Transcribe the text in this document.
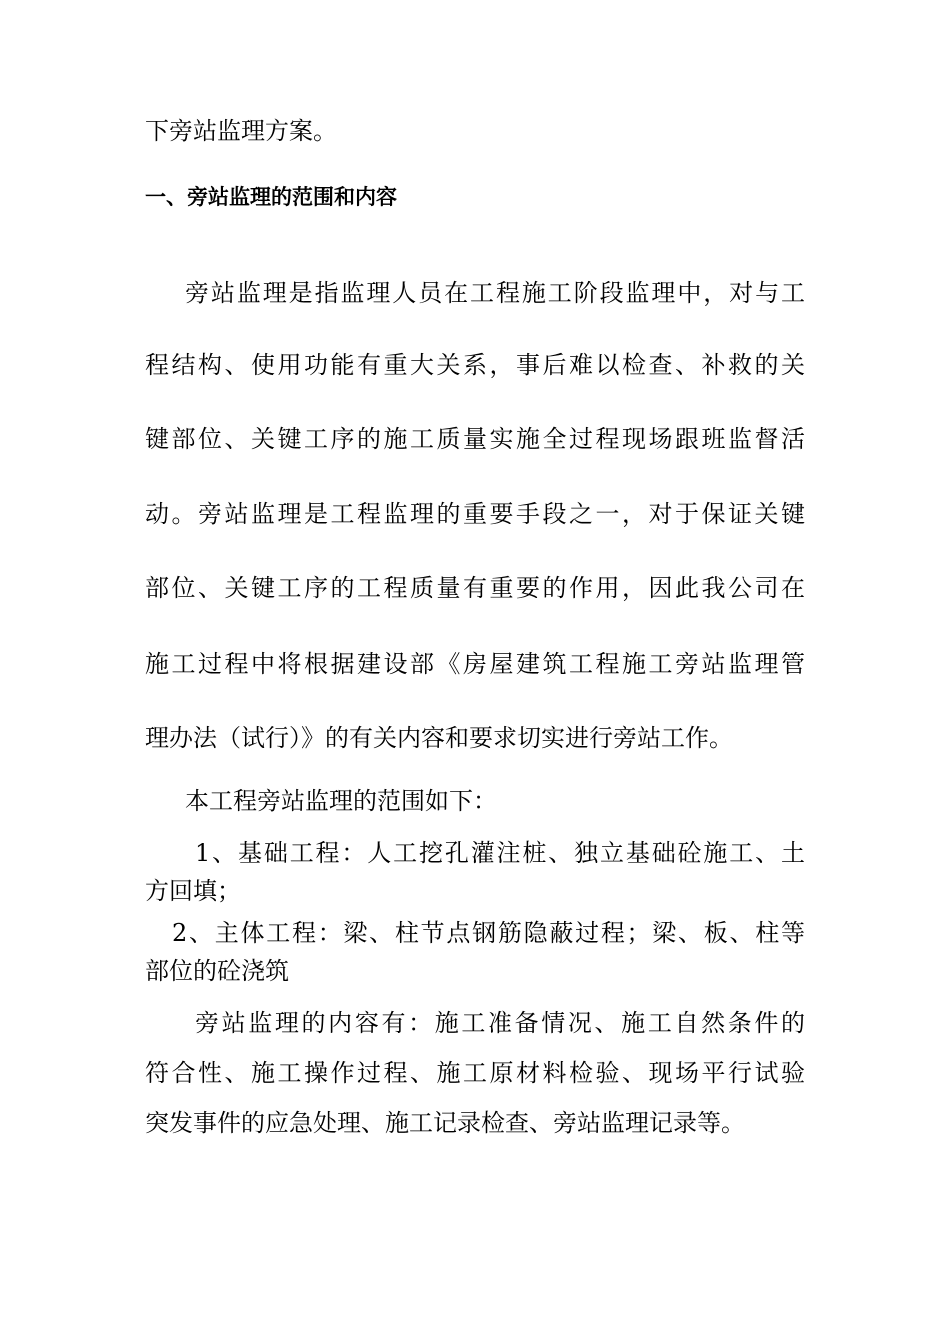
下旁站监理方案。

一、旁站监理的范围和内容

旁站监理是指监理人员在工程施工阶段监理中，对与工

程结构、使用功能有重大关系，事后难以检查、补救的关

键部位、关键工序的施工质量实施全过程现场跟班监督活

动。旁站监理是工程监理的重要手段之一，对于保证关键

部位、关键工序的工程质量有重要的作用，因此我公司在

施工过程中将根据建设部《房屋建筑工程施工旁站监理管

理办法（试行）》的有关内容和要求切实进行旁站工作。

本工程旁站监理的范围如下：

1、基础工程：人工挖孔灌注桩、独立基础砼施工、土

方回填；

2、主体工程：梁、柱节点钢筋隐蔽过程；梁、板、柱等

部位的砼浇筑

旁站监理的内容有：施工准备情况、施工自然条件的

符合性、施工操作过程、施工原材料检验、现场平行试验

突发事件的应急处理、施工记录检查、旁站监理记录等。
